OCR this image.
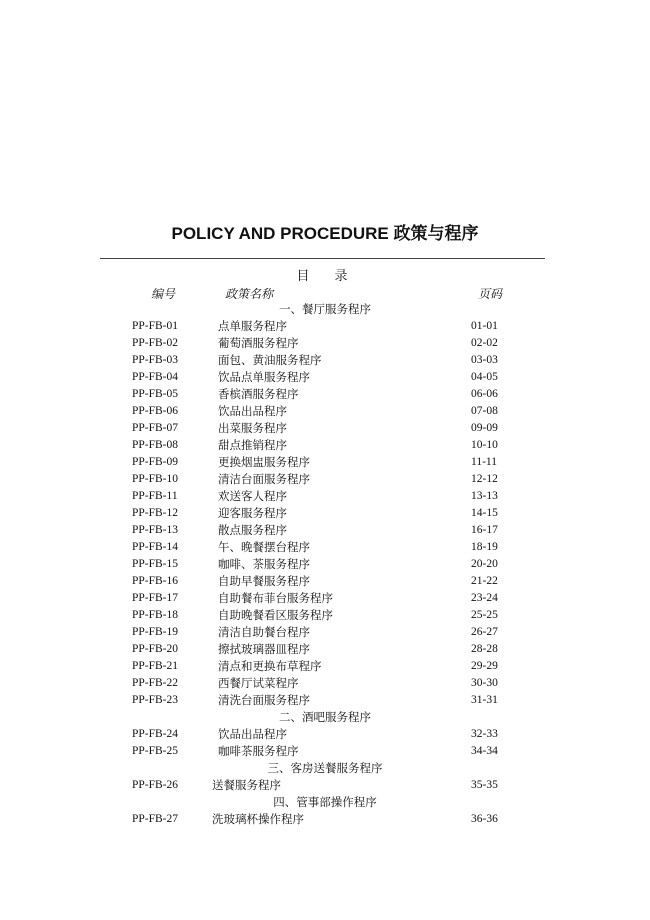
POLICY AND PROCEDURE 政策与程序
目　录
编号	政策名称	页码
一、餐厅服务程序
PP-FB-01	点单服务程序	01-01
PP-FB-02	葡萄酒服务程序	02-02
PP-FB-03	面包、黄油服务程序	03-03
PP-FB-04	饮品点单服务程序	04-05
PP-FB-05	香槟酒服务程序	06-06
PP-FB-06	饮品出品程序	07-08
PP-FB-07	出菜服务程序	09-09
PP-FB-08	甜点推销程序	10-10
PP-FB-09	更换烟盅服务程序	11-11
PP-FB-10	清洁台面服务程序	12-12
PP-FB-11	欢送客人程序	13-13
PP-FB-12	迎客服务程序	14-15
PP-FB-13	散点服务程序	16-17
PP-FB-14	午、晚餐摆台程序	18-19
PP-FB-15	咖啡、茶服务程序	20-20
PP-FB-16	自助早餐服务程序	21-22
PP-FB-17	自助餐布菲台服务程序	23-24
PP-FB-18	自助晚餐看区服务程序	25-25
PP-FB-19	清洁自助餐台程序	26-27
PP-FB-20	擦拭玻璃器皿程序	28-28
PP-FB-21	清点和更换布草程序	29-29
PP-FB-22	西餐厅试菜程序	30-30
PP-FB-23	清洗台面服务程序	31-31
二、酒吧服务程序
PP-FB-24	饮品出品程序	32-33
PP-FB-25	咖啡茶服务程序	34-34
三、客房送餐服务程序
PP-FB-26	送餐服务程序	35-35
四、管事部操作程序
PP-FB-27	洗玻璃杯操作程序	36-36
